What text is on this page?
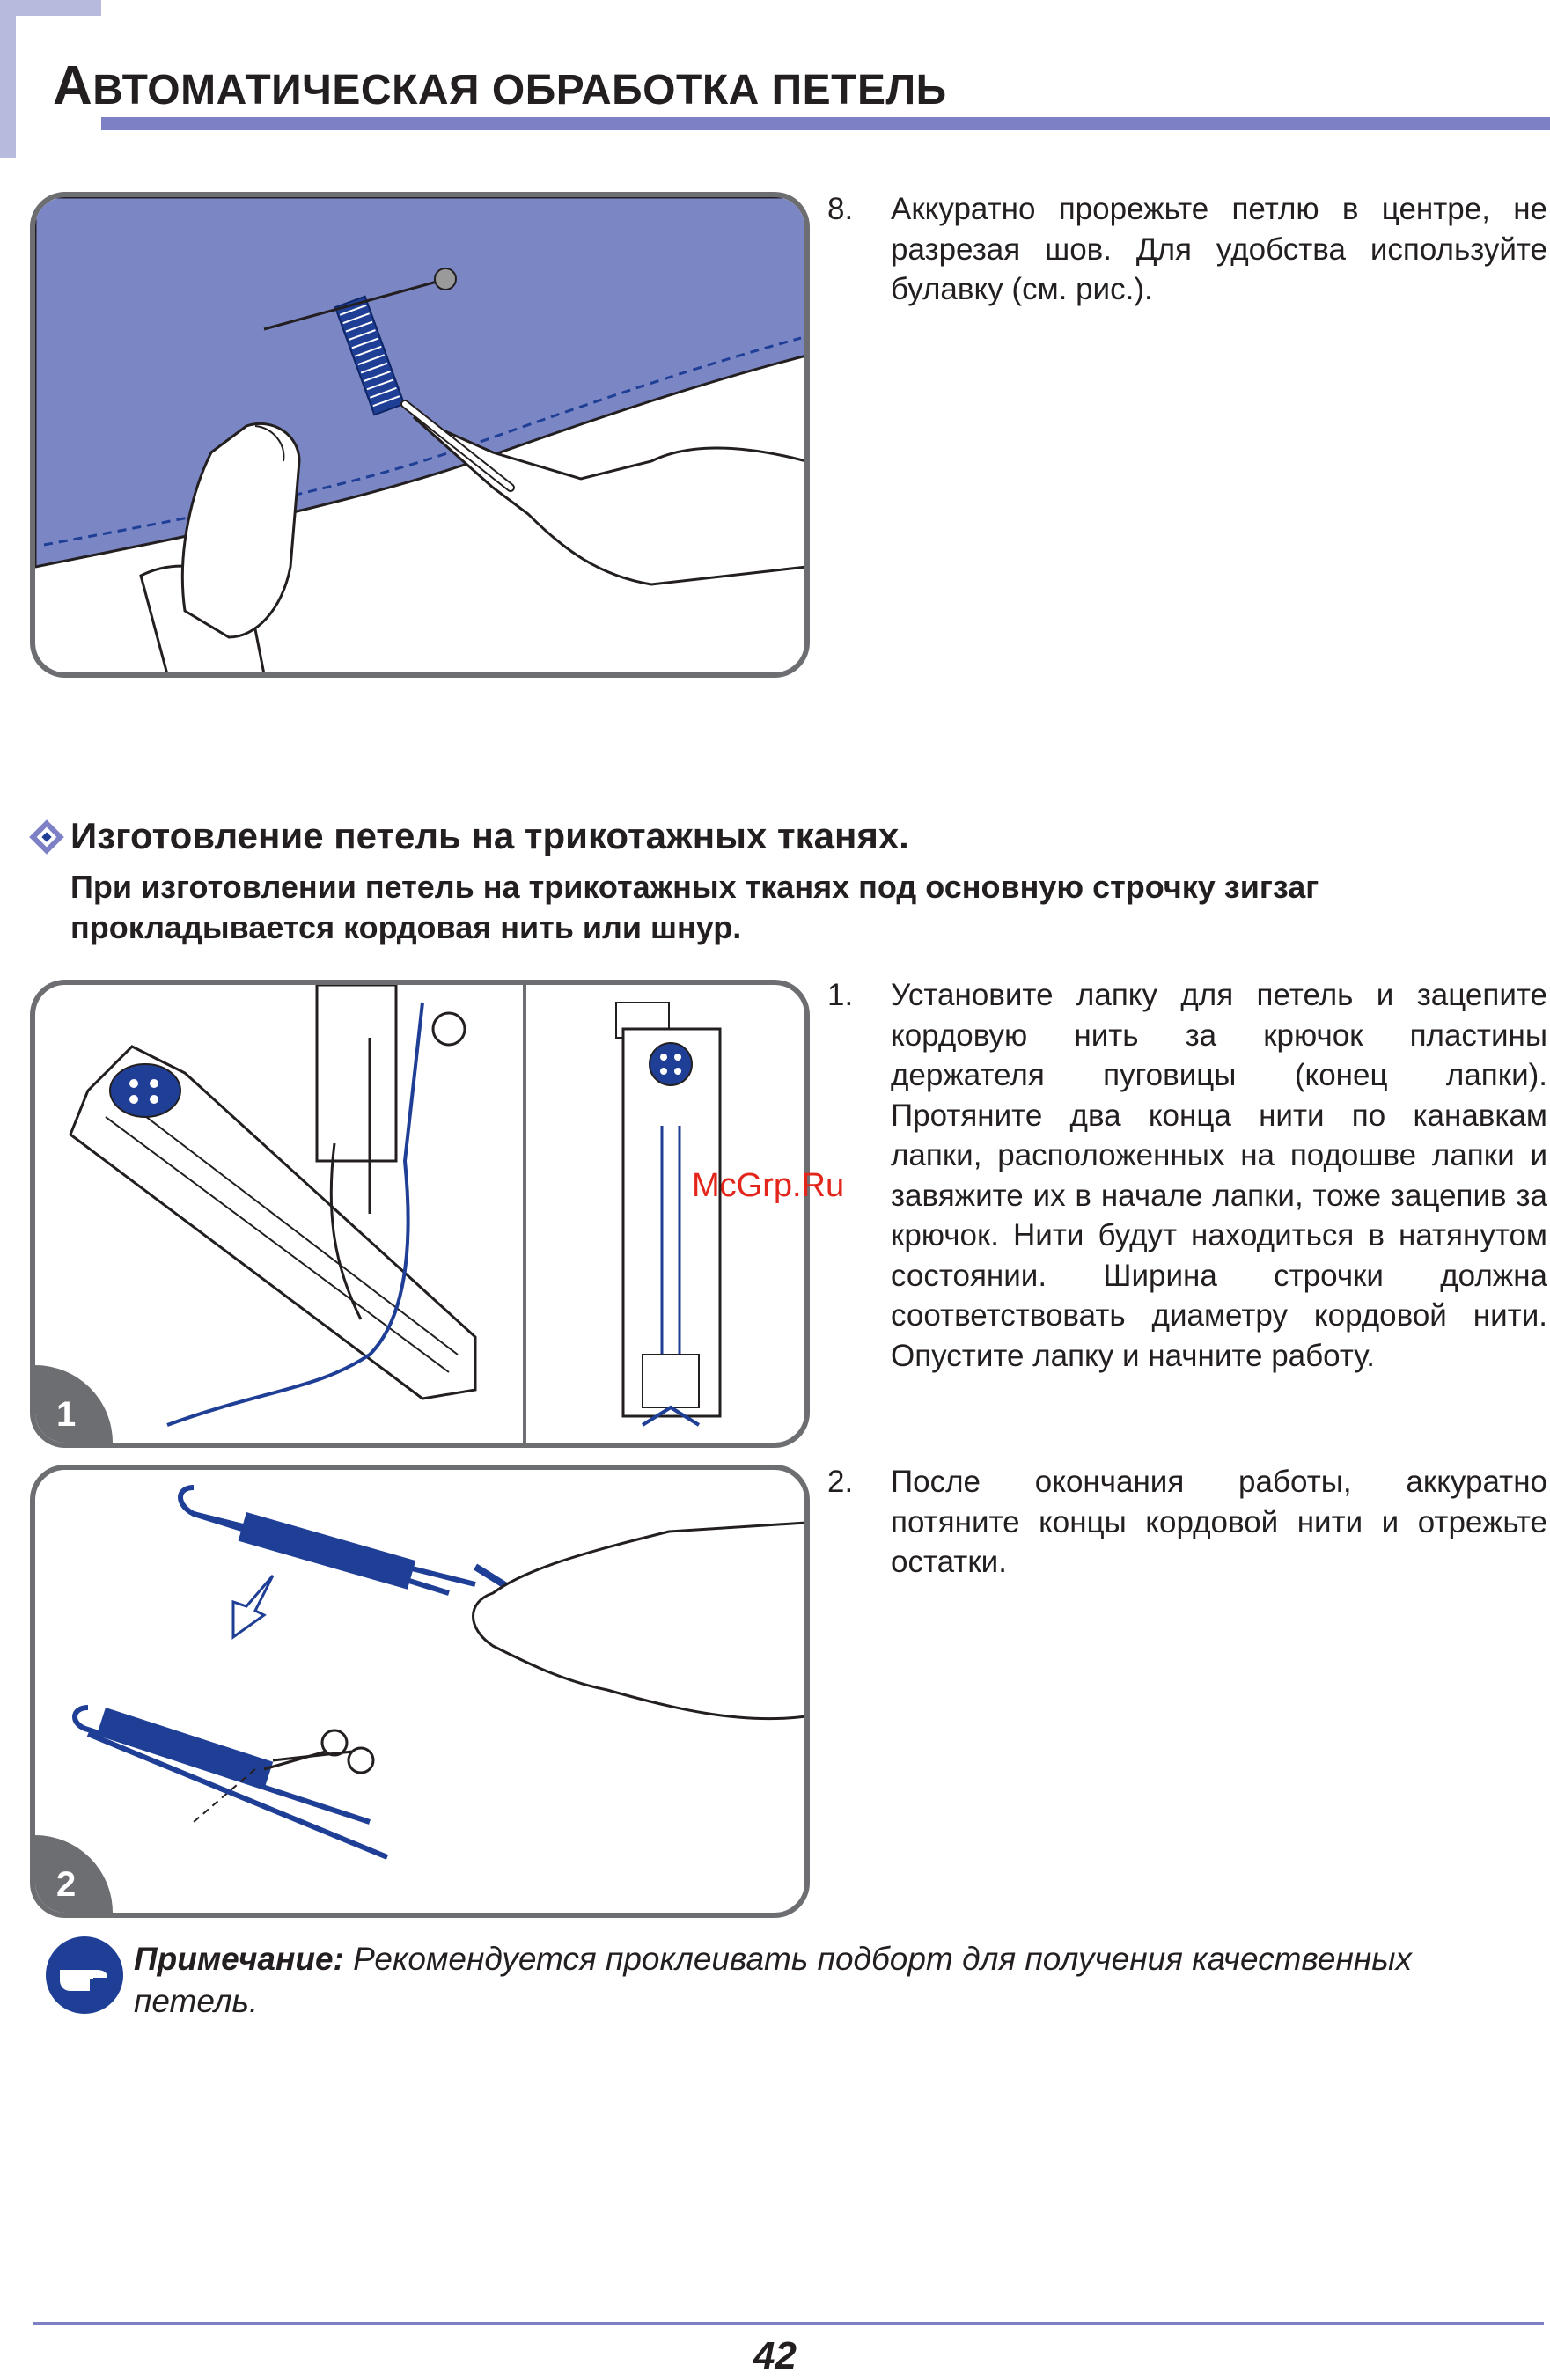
АВТОМАТИЧЕСКАЯ ОБРАБОТКА ПЕТЕЛЬ
8. Аккуратно прорежьте петлю в центре, не разрезая шов. Для удобства используйте булавку (см. рис.).
Изготовление петель на трикотажных тканях.
При изготовлении петель на трикотажных тканях под основную строчку зигзаг прокладывается кордовая нить или шнур.
1
McGrp.Ru
1. Установите лапку для петель и зацепите кордовую нить за крючок пластины держателя пуговицы (конец лапки). Протяните два конца нити по канавкам лапки, расположенных на подошве лапки и завяжите их в начале лапки, тоже зацепив за крючок. Нити будут находиться в натянутом состоянии. Ширина строчки должна соответствовать диаметру кордовой нити. Опустите лапку и начните работу.
2
2. После окончания работы, аккуратно потяните концы кордовой нити и отрежьте остатки.
Примечание: Рекомендуется проклеивать подборт для получения качественных петель.
42
